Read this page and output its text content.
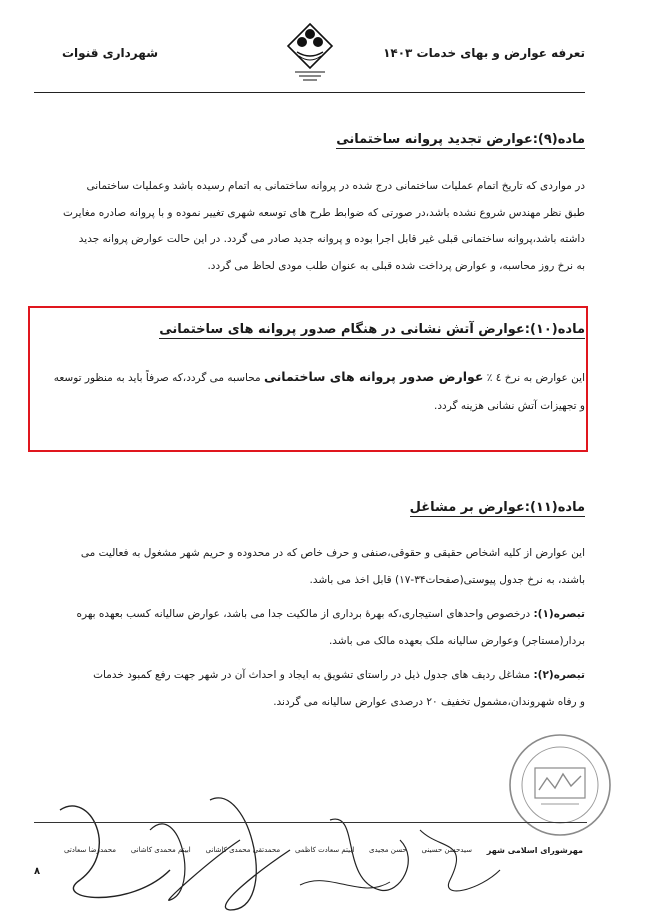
تعرفه عوارض و بهای خدمات ۱۴۰۳
شهرداری قنوات
ماده(۹):عوارض تجدید پروانه ساختمانی

در مواردی که تاریخ اتمام عملیات ساختمانی درج شده در پروانه ساختمانی به اتمام رسیده باشد وعملیات ساختمانی

طبق نظر مهندس شروع نشده باشد،در صورتی که ضوابط طرح های توسعه شهری تغییر نموده و با پروانه صادره مغایرت

داشته باشد،پروانه ساختمانی قبلی غیر قابل اجرا بوده و پروانه جدید صادر می گردد. در این حالت عوارض پروانه جدید

به نرخ روز محاسبه، و عوارض پرداخت شده قبلی به عنوان طلب مودی لحاظ می گردد.

ماده(۱۰):عوارض آتش نشانی در هنگام صدور پروانه های ساختمانی

این عوارض به نرخ ٤ ٪ عوارض صدور پروانه های ساختمانی محاسبه می گردد،که صرفاً باید به منظور توسعه

و تجهیزات آتش نشانی هزینه گردد.

ماده(۱۱):عوارض بر مشاغل

این عوارض از کلیه اشخاص حقیقی و حقوقی،صنفی و حرف خاص که در محدوده و حریم شهر مشغول به فعالیت می

باشند، به نرخ جدول پیوستی(صفحات۳۴-۱۷) قابل اخذ می باشد.

تبصره(۱): درخصوص واحدهای استیجاری،که بهرهٔ برداری از مالکیت جدا می باشد، عوارض سالیانه کسب بعهده بهره

بردار(مستاجر) وعوارض سالیانه ملک بعهده مالک می باشد.

تبصره(۲): مشاغل ردیف های جدول ذیل در راستای تشویق به ایجاد و احداث آن در شهر جهت رفع کمبود خدمات

و رفاه شهروندان،مشمول تخفیف ۲۰ درصدی عوارض سالیانه می گردند.

مهرشورای اسلامی شهر
سیدحسن حسینی
حسن مجیدی
ابیتم سعادت کاظمی
محمدتقی محمدی کاشانی
ابیتم محمدی کاشانی
محمدرضا سعادتی
۸
